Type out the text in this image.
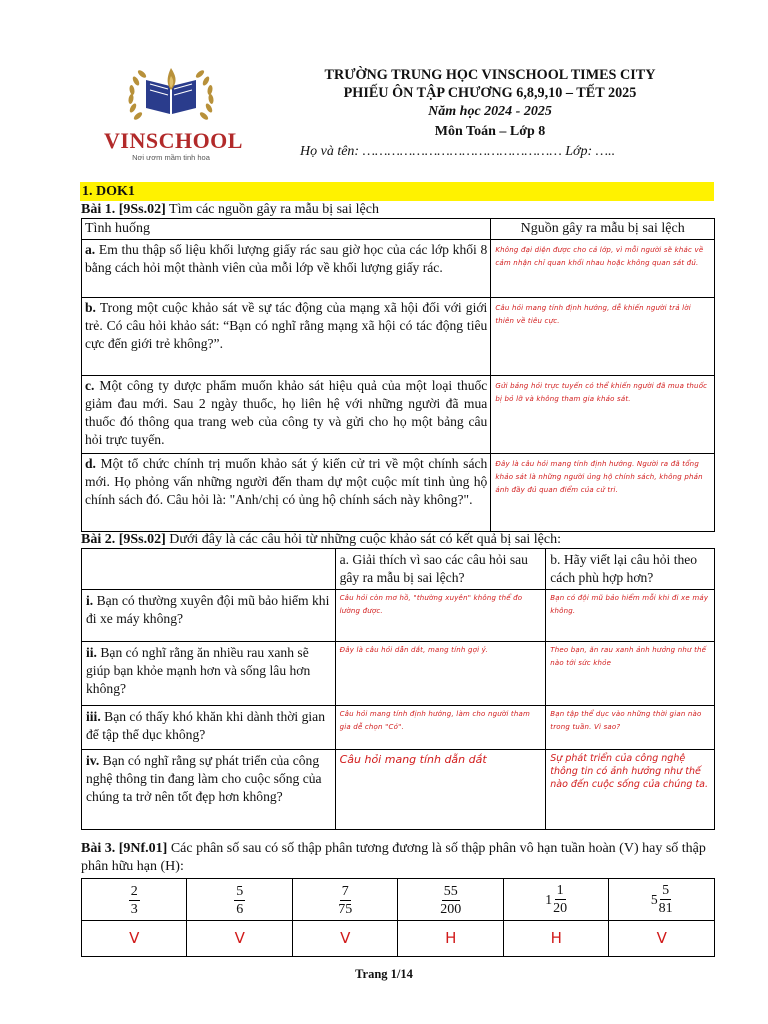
VINSCHOOL
Nơi ươm mầm tinh hoa
TRƯỜNG TRUNG HỌC VINSCHOOL TIMES CITY
PHIẾU ÔN TẬP CHƯƠNG 6,8,9,10 – TẾT 2025
Năm học 2024 - 2025
Môn Toán – Lớp 8
Họ và tên: ………………………………………… Lớp: …..
1. DOK1
Bài 1. [9Ss.02] Tìm các nguồn gây ra mẫu bị sai lệch
Tình huống	Nguồn gây ra mẫu bị sai lệch
a. Em thu thập số liệu khối lượng giấy rác sau giờ học của các lớp khối 8 bằng cách hỏi một thành viên của mỗi lớp về khối lượng giấy rác.	Không đại diện được cho cả lớp, vì mỗi người sẽ khác về cảm nhận chỉ quan khối nhau hoặc không quan sát đủ.
b. Trong một cuộc khảo sát về sự tác động của mạng xã hội đối với giới trẻ. Có câu hỏi khảo sát: “Bạn có nghĩ rằng mạng xã hội có tác động tiêu cực đến giới trẻ không?”.	Câu hỏi mang tính định hướng, dễ khiến người trả lời thiên về tiêu cực.
c. Một công ty dược phẩm muốn khảo sát hiệu quả của một loại thuốc giảm đau mới. Sau 2 ngày thuốc, họ liên hệ với những người đã mua thuốc đó thông qua trang web của công ty và gửi cho họ một bảng câu hỏi trực tuyến.	Gửi bảng hỏi trực tuyến có thể khiến người đã mua thuốc bị bỏ lỡ và không tham gia khảo sát.
d. Một tổ chức chính trị muốn khảo sát ý kiến cử tri về một chính sách mới. Họ phỏng vấn những người đến tham dự một cuộc mít tinh ủng hộ chính sách đó. Câu hỏi là: "Anh/chị có ủng hộ chính sách này không?".	Đây là câu hỏi mang tính định hướng. Người ra đã tổng khảo sát là những người ủng hộ chính sách, không phản ánh đầy đủ quan điểm của cử tri.
Bài 2. [9Ss.02] Dưới đây là các câu hỏi từ những cuộc khảo sát có kết quả bị sai lệch:
	a. Giải thích vì sao các câu hỏi sau gây ra mẫu bị sai lệch?	b. Hãy viết lại câu hỏi theo cách phù hợp hơn?
i. Bạn có thường xuyên đội mũ bảo hiểm khi đi xe máy không?	Câu hỏi còn mơ hồ, "thường xuyên" không thể đo lường được.	Bạn có đội mũ bảo hiểm mỗi khi đi xe máy không.
ii. Bạn có nghĩ rằng ăn nhiều rau xanh sẽ giúp bạn khỏe mạnh hơn và sống lâu hơn không?	Đây là câu hỏi dẫn dắt, mang tính gợi ý.	Theo bạn, ăn rau xanh ảnh hưởng như thế nào tới sức khỏe
iii. Bạn có thấy khó khăn khi dành thời gian để tập thể dục không?	Câu hỏi mang tính định hướng, làm cho người tham gia dễ chọn "Có".	Bạn tập thể dục vào những thời gian nào trong tuần. Vì sao?
iv. Bạn có nghĩ rằng sự phát triển của công nghệ thông tin đang làm cho cuộc sống của chúng ta trở nên tốt đẹp hơn không?	Câu hỏi mang tính dẫn dắt	Sự phát triển của công nghệ thông tin có ảnh hưởng như thế nào đến cuộc sống của chúng ta.
Bài 3. [9Nf.01] Các phân số sau có số thập phân tương đương là số thập phân vô hạn tuần hoàn (V) hay số thập phân hữu hạn (H):
$\frac{2}{3}$	$\frac{5}{6}$	$\frac{7}{75}$	$\frac{55}{200}$	$1 \frac{1}{20}$	$5 \frac{5}{81}$

V	V	V	H	H	V
Trang 1/14
